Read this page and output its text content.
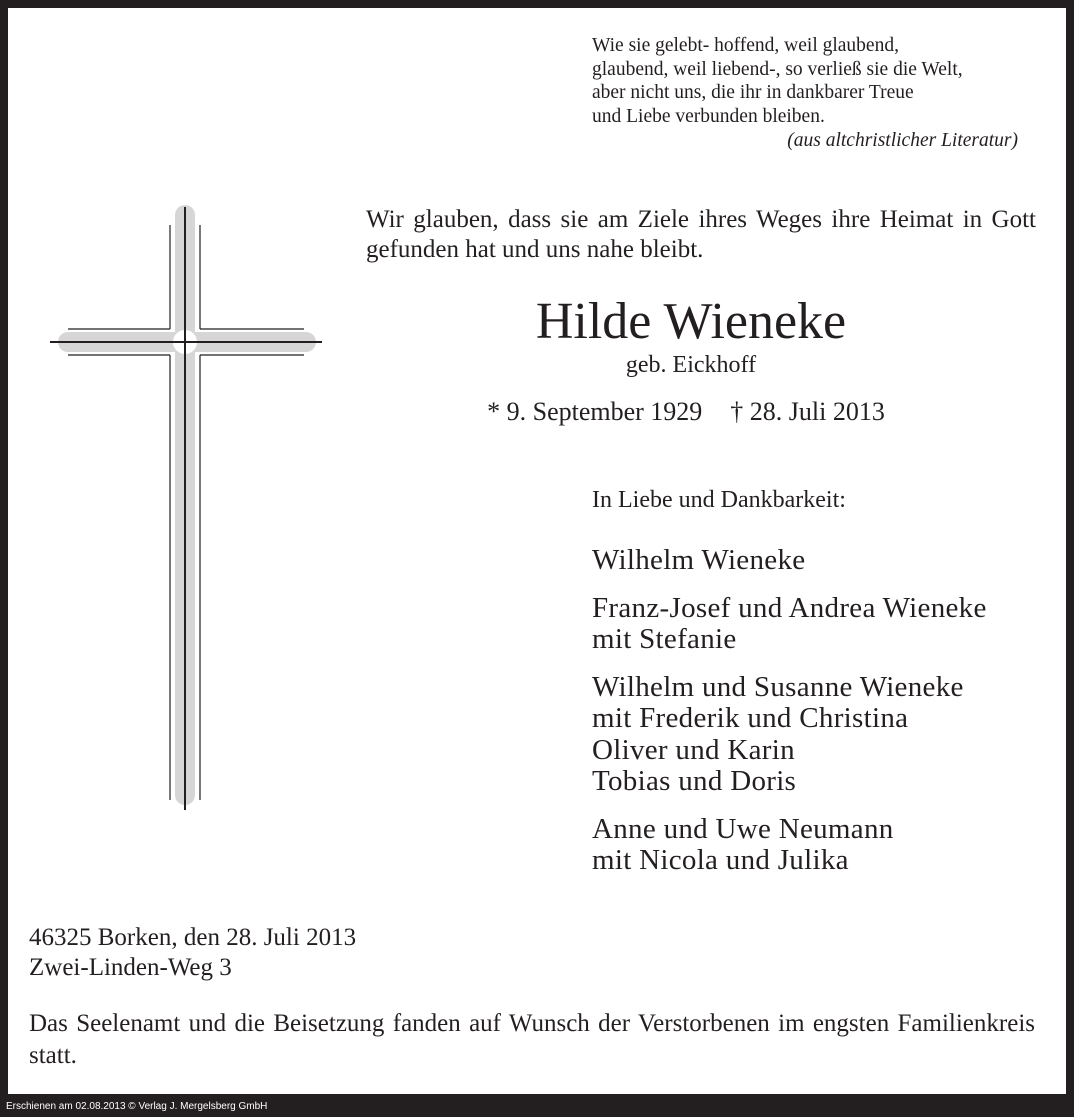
Wie sie gelebt- hoffend, weil glaubend,
glaubend, weil liebend-, so verließ sie die Welt,
aber nicht uns, die ihr in dankbarer Treue
und Liebe verbunden bleiben.
(aus altchristlicher Literatur)

Wir glauben, dass sie am Ziele ihres Weges ihre Heimat in Gott gefunden hat und uns nahe bleibt.

Hilde Wieneke
geb. Eickhoff
* 9. September 1929 † 28. Juli 2013
In Liebe und Dankbarkeit:
Wilhelm Wieneke
Franz-Josef und Andrea Wieneke
mit Stefanie
Wilhelm und Susanne Wieneke
mit Frederik und Christina
Oliver und Karin
Tobias und Doris
Anne und Uwe Neumann
mit Nicola und Julika
46325 Borken, den 28. Juli 2013
Zwei-Linden-Weg 3

Das Seelenamt und die Beisetzung fanden auf Wunsch der Verstorbenen im engsten Familienkreis statt.

Erschienen am 02.08.2013 © Verlag J. Mergelsberg GmbH
